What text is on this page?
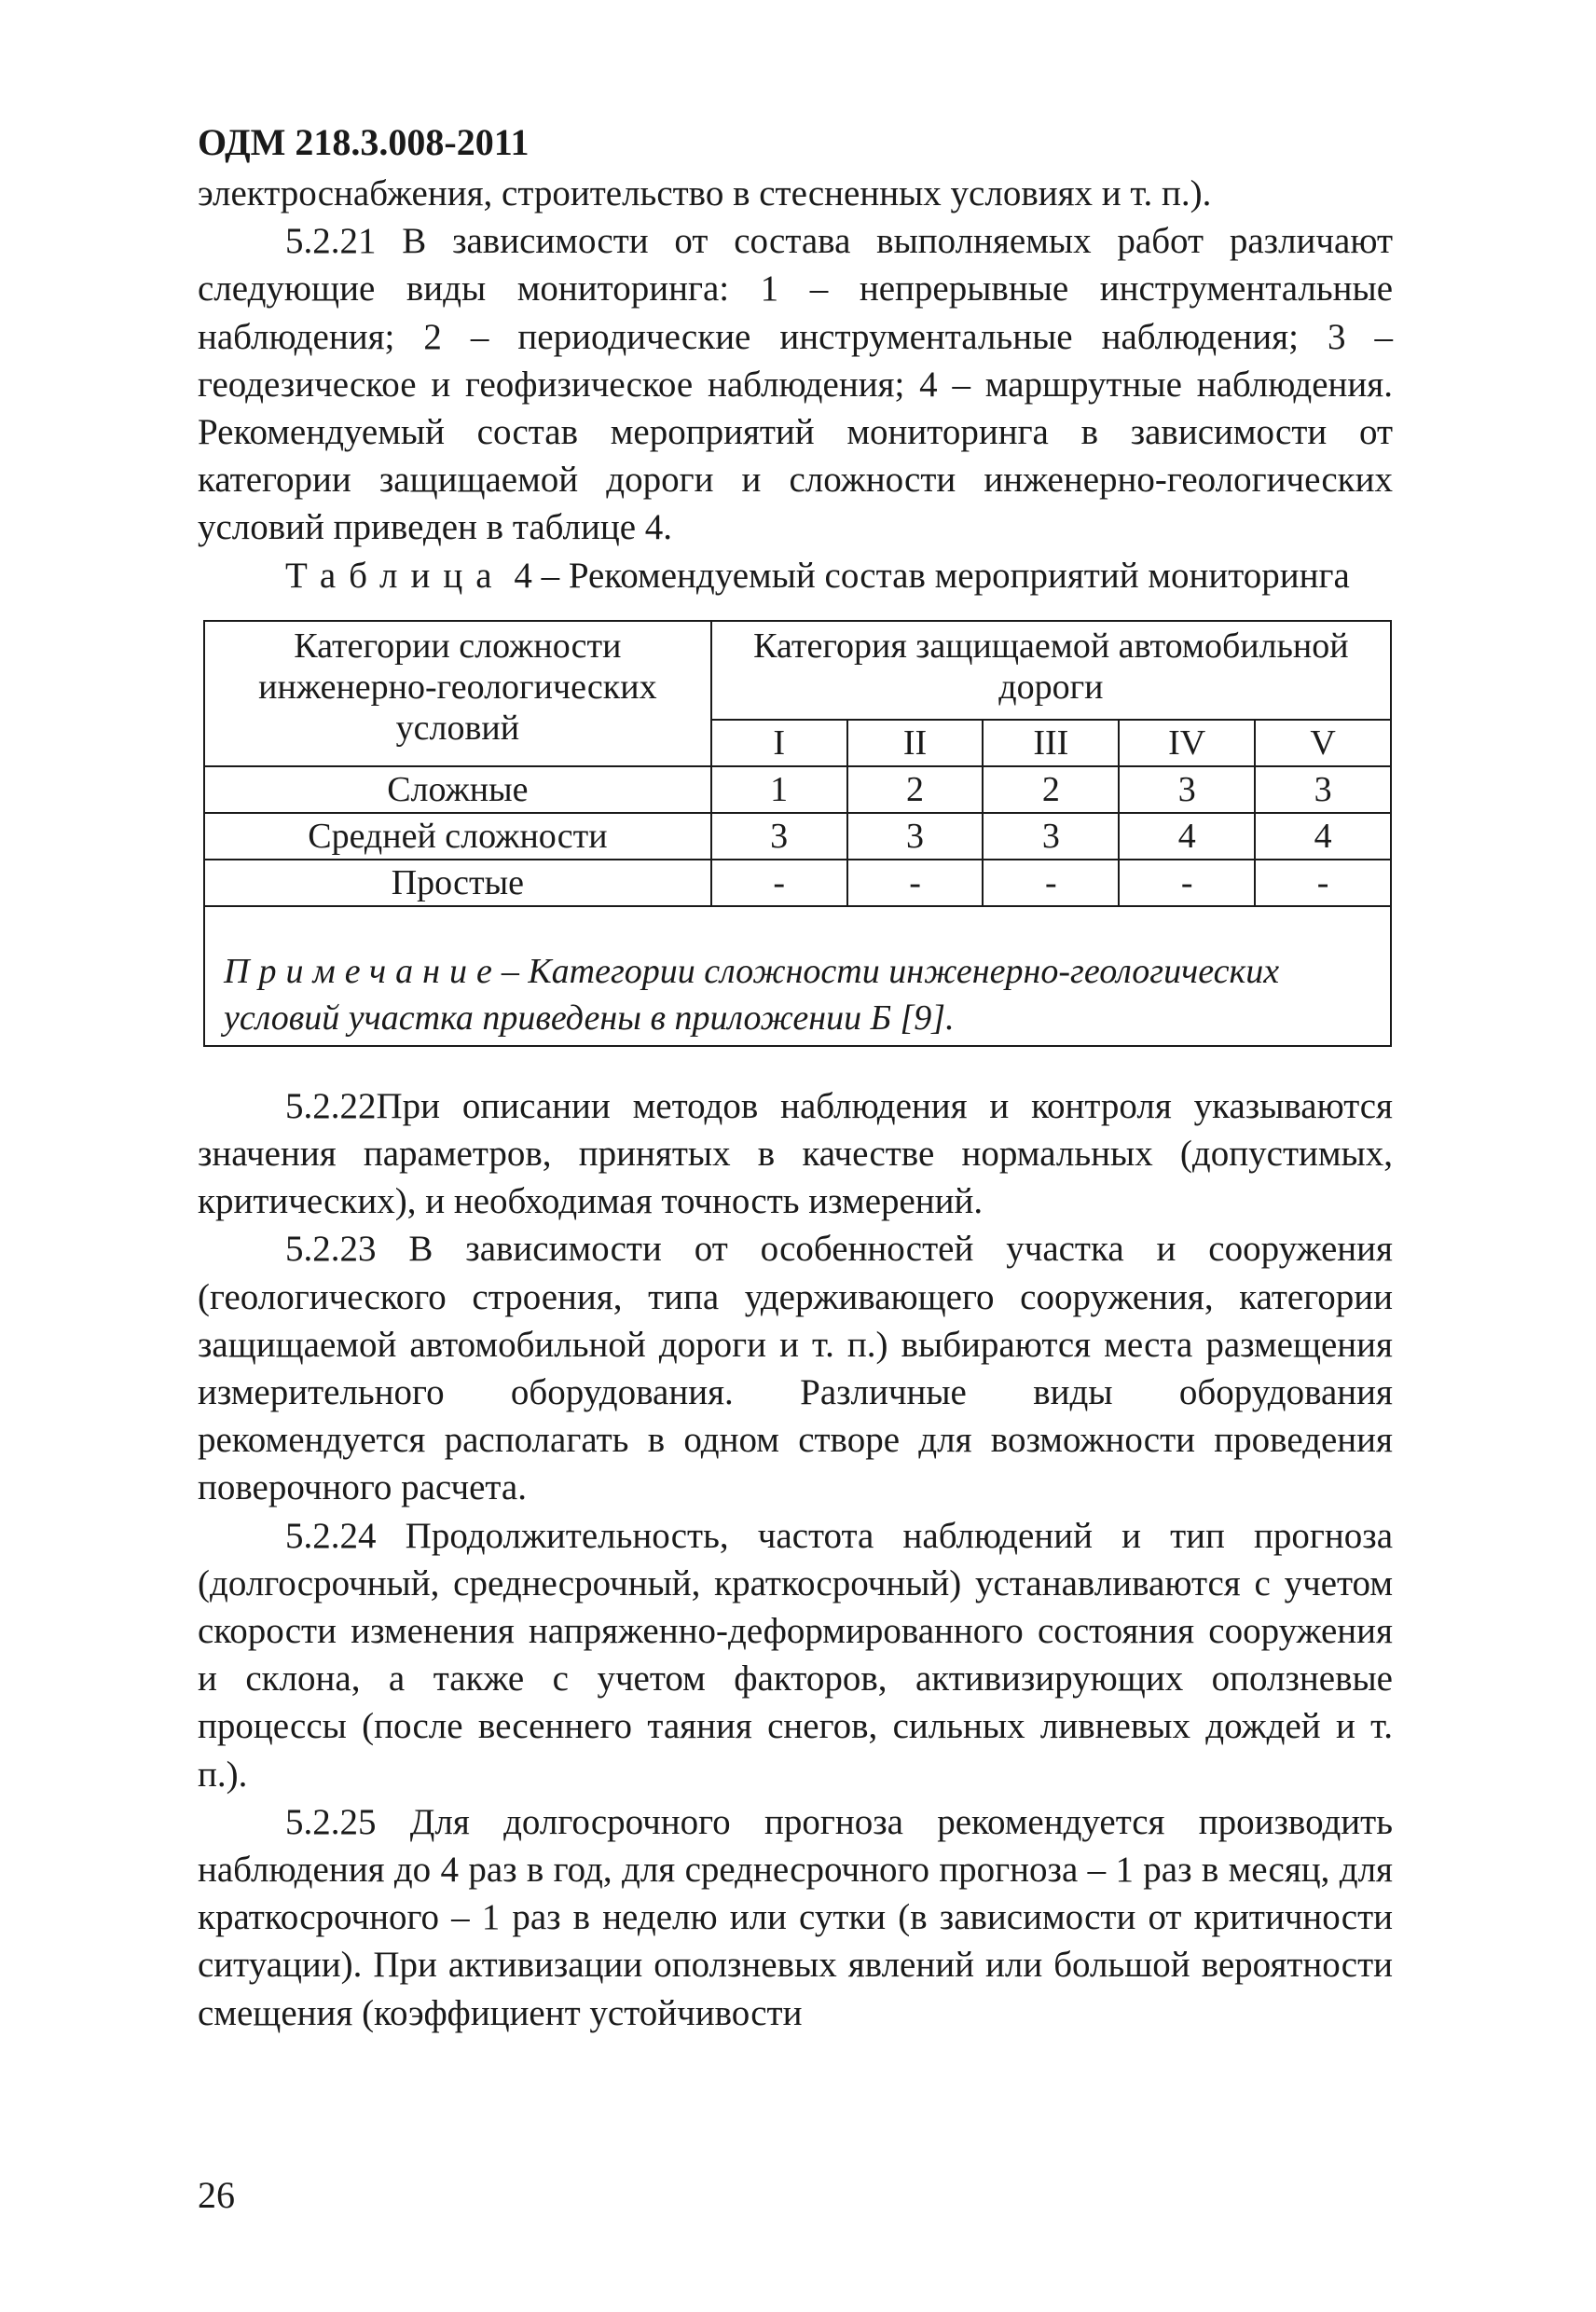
ОДМ 218.3.008-2011

электроснабжения, строительство в стесненных условиях и т. п.).

5.2.21 В зависимости от состава выполняемых работ различают следующие виды мониторинга: 1 – непрерывные инструментальные наблюдения; 2 – периодические инструментальные наблюдения; 3 – геодезическое и геофизическое наблюдения; 4 – маршрутные наблюдения. Рекомендуемый состав мероприятий мониторинга в зависимости от категории защищаемой дороги и сложности инженерно-геологических условий приведен в таблице 4.

Таблица 4 – Рекомендуемый состав мероприятий мониторинга
Категории сложности инженерно-геологических условий	Категория защищаемой автомобильной дороги				
	I	II	III	IV	V
Сложные	1	2	2	3	3
Средней сложности	3	3	3	4	4
Простые	-	-	-	-	-
Примечание– Категории сложности инженерно-геологических условий участка приведены в приложении Б [9].					

5.2.22При описании методов наблюдения и контроля указываются значения параметров, принятых в качестве нормальных (допустимых, критических), и необходимая точность измерений.

5.2.23 В зависимости от особенностей участка и сооружения (геологического строения, типа удерживающего сооружения, категории защищаемой автомобильной дороги и т. п.) выбираются места размещения измерительного оборудования. Различные виды оборудования рекомендуется располагать в одном створе для возможности проведения поверочного расчета.

5.2.24 Продолжительность, частота наблюдений и тип прогноза (долгосрочный, среднесрочный, краткосрочный) устанавливаются с учетом скорости изменения напряженно-деформированного состояния сооружения и склона, а также с учетом факторов, активизирующих оползневые процессы (после весеннего таяния снегов, сильных ливневых дождей и т. п.).

5.2.25 Для долгосрочного прогноза рекомендуется производить наблюдения до 4 раз в год, для среднесрочного прогноза – 1 раз в месяц, для краткосрочного – 1 раз в неделю или сутки (в зависимости от критичности ситуации). При активизации оползневых явлений или большой вероятности смещения (коэффициент устойчивости

26
